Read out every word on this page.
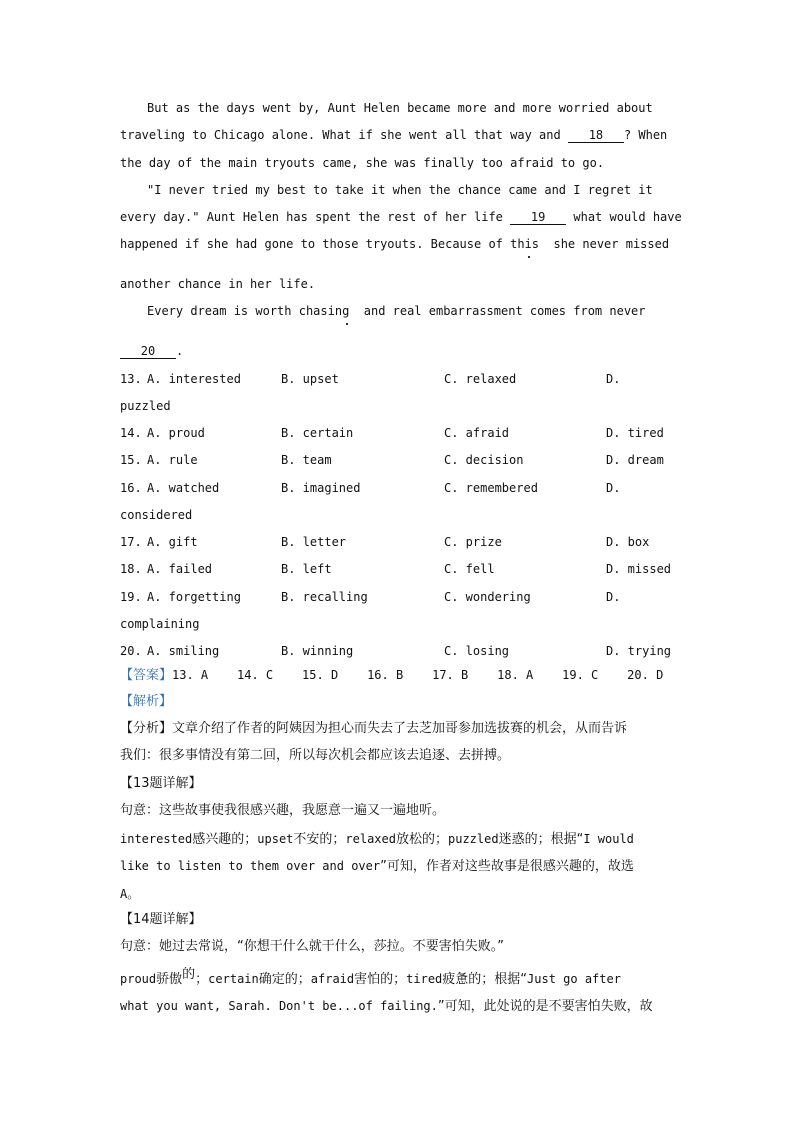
But as the days went by, Aunt Helen became more and more worried about
traveling to Chicago alone. What if she went all that way and 18 ? When
the day of the main tryouts came, she was finally too afraid to go.
"I never tried my best to take it when the chance came and I regret it
every day." Aunt Helen has spent the rest of her life 19 what would have
happened if she had gone to those tryouts. Because of this  she never missed
another chance in her life.
Every dream is worth chasing  and real embarrassment comes from never
20 .
13. A. interested	B. upset	C. relaxed	D.
puzzled
14. A. proud	B. certain	C. afraid	D. tired
15. A. rule	B. team	C. decision	D. dream
16. A. watched	B. imagined	C. remembered	D.
considered
17. A. gift	B. letter	C. prize	D. box
18. A. failed	B. left	C. fell	D. missed
19. A. forgetting	B. recalling	C. wondering	D.
complaining
20. A. smiling	B. winning	C. losing	D. trying
【答案】13. A    14. C    15. D    16. B    17. B    18. A    19. C    20. D
【解析】
【分析】文章介绍了作者的阿姨因为担心而失去了去芝加哥参加选拔赛的机会，从而告诉
我们：很多事情没有第二回，所以每次机会都应该去追逐、去拼搏。
【13题详解】
句意：这些故事使我很感兴趣，我愿意一遍又一遍地听。
interested感兴趣的；upset不安的；relaxed放松的；puzzled迷惑的；根据“I would
like to listen to them over and over”可知，作者对这些故事是很感兴趣的，故选
A。
【14题详解】
句意：她过去常说，“你想干什么就干什么，莎拉。不要害怕失败。”
proud骄傲的；certain确定的；afraid害怕的；tired疲惫的；根据“Just go after
what you want, Sarah. Don't be...of failing.”可知，此处说的是不要害怕失败，故
